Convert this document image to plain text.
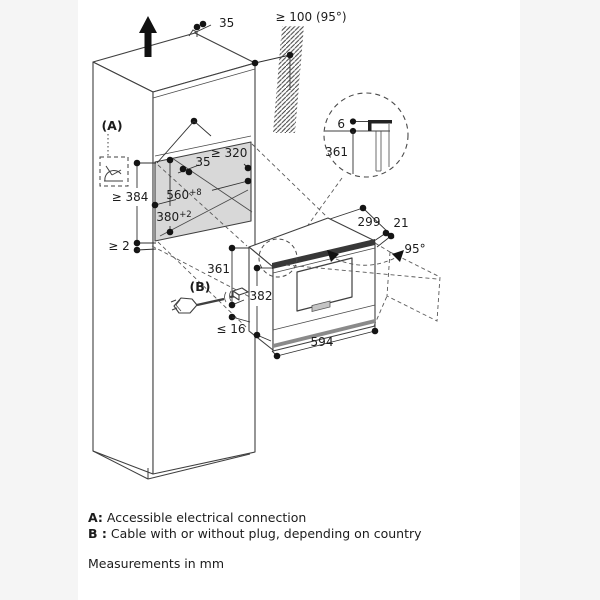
≥ 100 (95°)
35
(A)
≥ 384
≥ 2
≥ 320
35
$560^{+8}$
$380^{+2}$
6
361
95°
299 21
361
≤ 16
382
594
(B)
A: Accessible electrical connection
B : Cable with or without plug, depending on country
Measurements in mm
